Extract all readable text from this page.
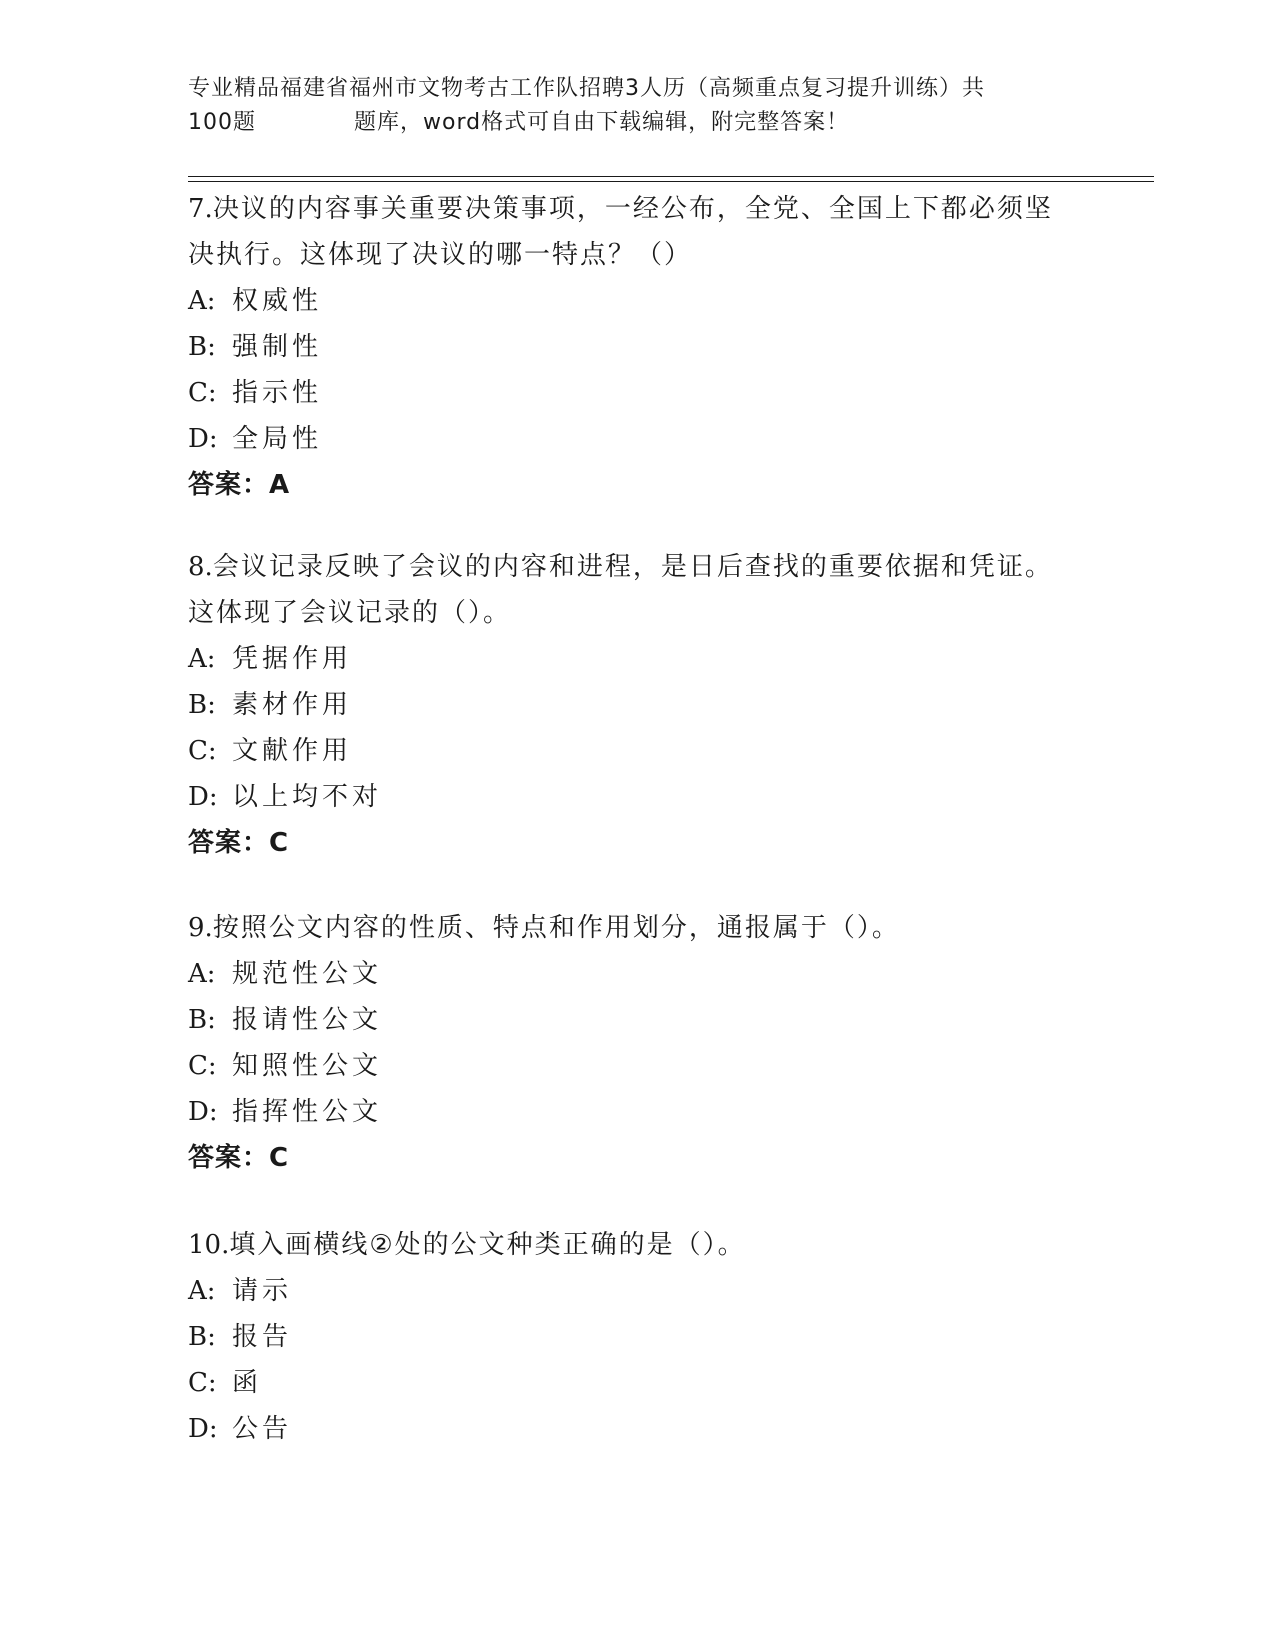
专业精品福建省福州市文物考古工作队招聘3人历（高频重点复习提升训练）共
100题	题库，word格式可自由下载编辑，附完整答案！
7.决议的内容事关重要决策事项，一经公布，全党、全国上下都必须坚决执行。这体现了决议的哪一特点？（）
A: 权威性
B: 强制性
C: 指示性
D: 全局性
答案：A
8.会议记录反映了会议的内容和进程，是日后查找的重要依据和凭证。这体现了会议记录的（）。
A: 凭据作用
B: 素材作用
C: 文献作用
D: 以上均不对
答案：C
9.按照公文内容的性质、特点和作用划分，通报属于（）。
A: 规范性公文
B: 报请性公文
C: 知照性公文
D: 指挥性公文
答案：C
10.填入画横线②处的公文种类正确的是（）。
A: 请示
B: 报告
C: 函
D: 公告
